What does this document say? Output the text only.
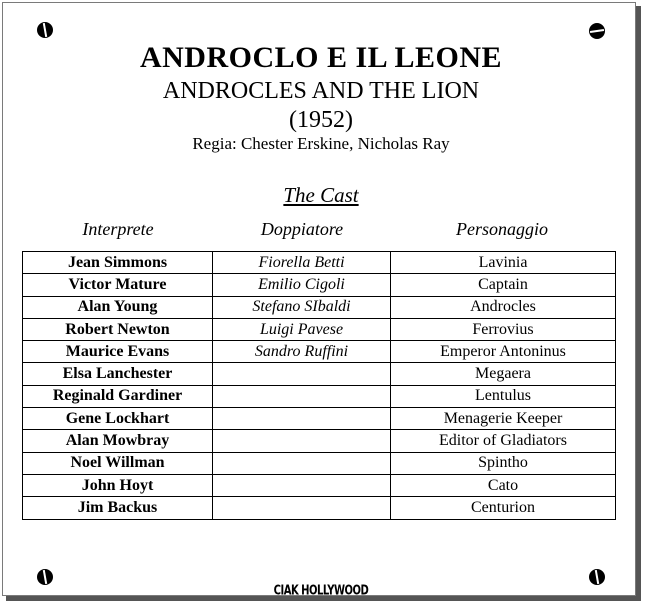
ANDROCLO E IL LEONE
ANDROCLES AND THE LION
(1952)
Regia: Chester Erskine, Nicholas Ray
The Cast
Interprete	Doppiatore	Personaggio
Jean Simmons	Fiorella Betti	Lavinia
Victor Mature	Emilio Cigoli	Captain
Alan Young	Stefano SIbaldi	Androcles
Robert Newton	Luigi Pavese	Ferrovius
Maurice Evans	Sandro Ruffini	Emperor Antoninus
Elsa Lanchester		Megaera
Reginald Gardiner		Lentulus
Gene Lockhart		Menagerie Keeper
Alan Mowbray		Editor of Gladiators
Noel Willman		Spintho
John Hoyt		Cato
Jim Backus		Centurion
CIAK HOLLYWOOD
